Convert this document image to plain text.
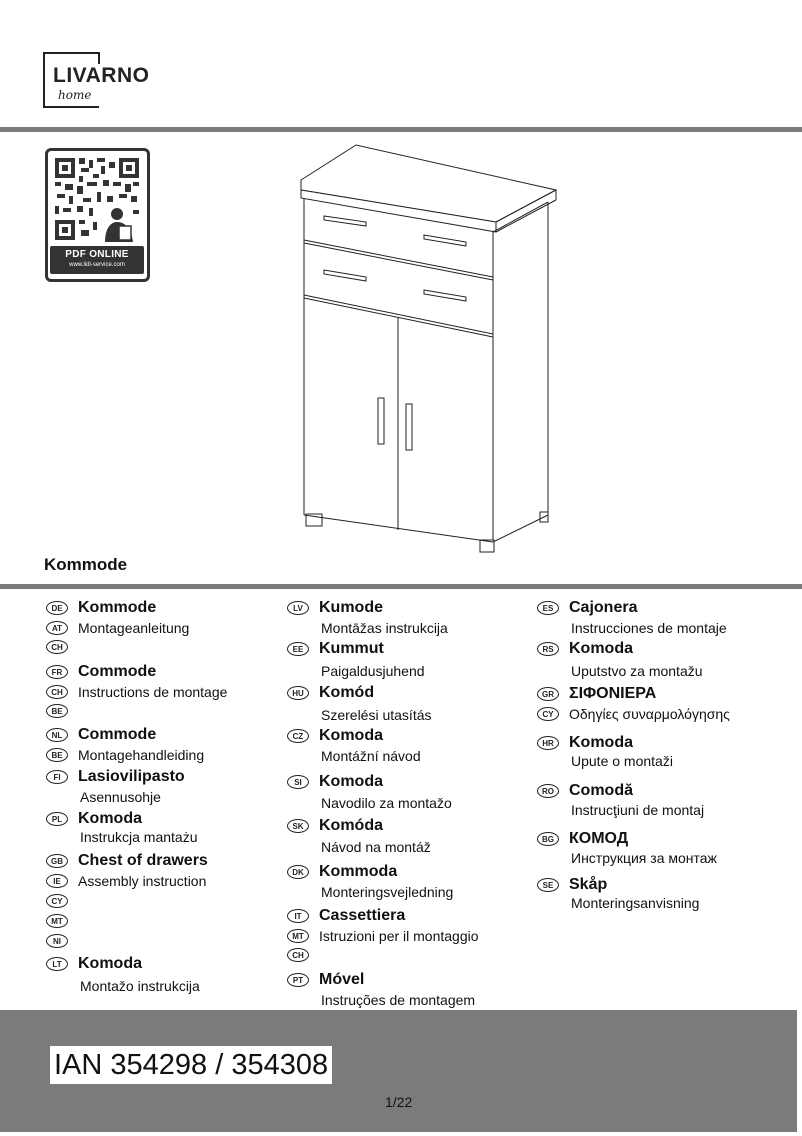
LIVARNO
home
PDF ONLINE
www.lidl-service.com
Kommode
DE Kommode
AT	Montageanleitung
CH
FR Commode
CH	Instructions de montage
BE
NL Commode
BE	Montagehandleiding
FI	Lasiovilipasto
Asennusohje
PL Komoda
Instrukcja mantażu
GB Chest of drawers
IE	Assembly instruction
CY
MT
NI
LT	Komoda
Montažo instrukcija
LV	Kumode
Montāžas instrukcija
EE Kummut
Paigaldusjuhend
HU Komód
Szerelési utasítás
CZ Komoda
Montážní návod
SI	Komoda
Navodilo za montažo
SK Komóda
Návod na montáž
DK Kommoda
Monteringsvejledning
IT	Cassettiera
MT	Istruzioni per il montaggio
CH
PT Móvel
Instruções de montagem
ES Cajonera
Instrucciones de montaje
RS Komoda
Uputstvo za montažu
GR ΣΙΦΟΝΙΕΡΑ
CY	Οδηγίες συναρμολόγησης
HR Komoda
Upute o montaži
RO Comodă
Instrucţiuni de montaj
BG КОМОД
Инструкция за монтаж
SE Skåp
Monteringsanvisning
IAN 354298 / 354308
1/22
